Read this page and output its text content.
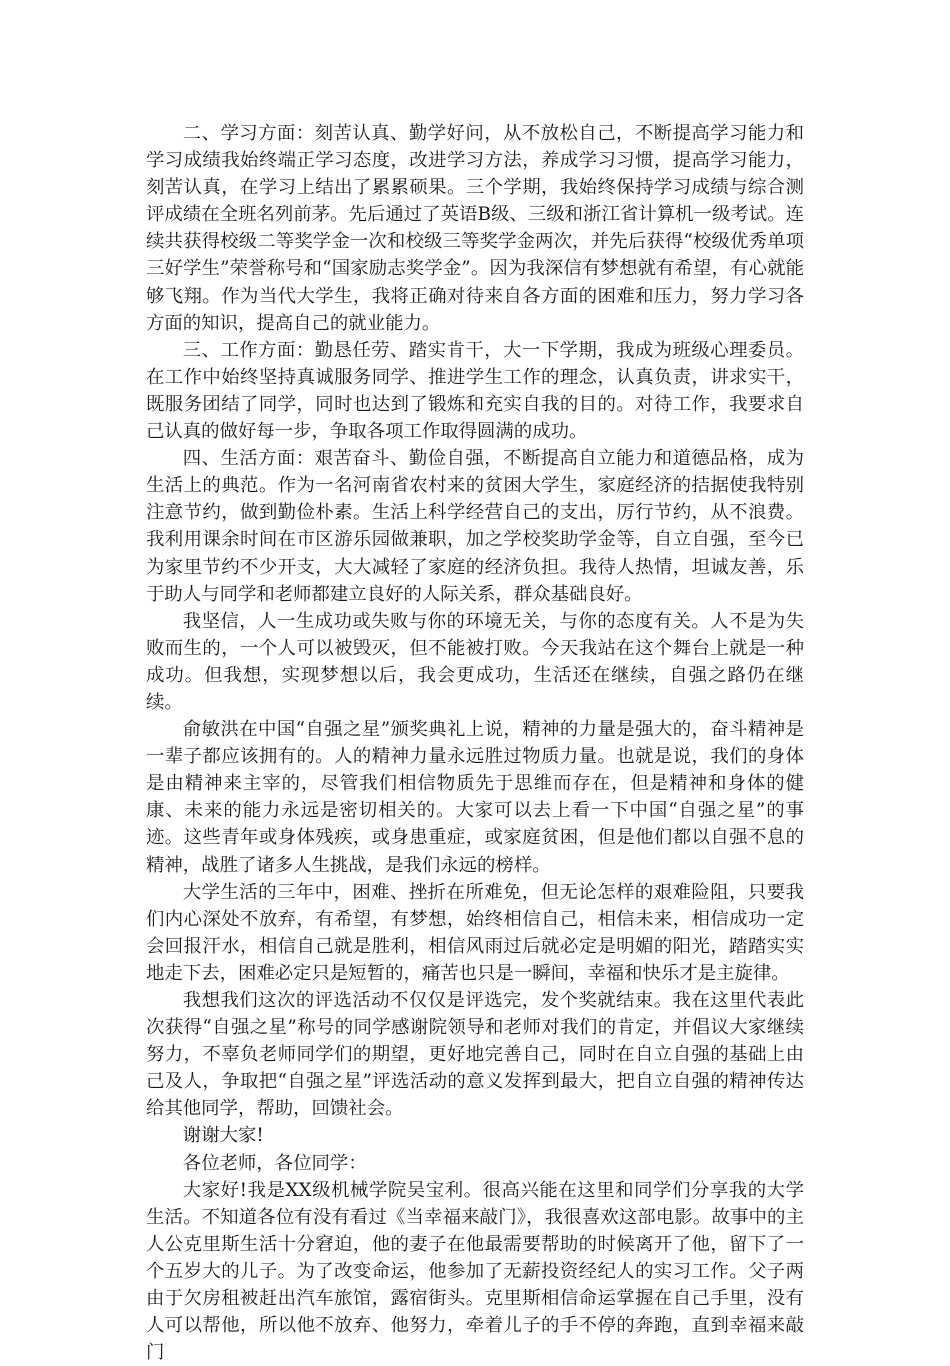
二、学习方面：刻苦认真、勤学好问，从不放松自己，不断提高学习能力和学习成绩我始终端正学习态度，改进学习方法，养成学习习惯，提高学习能力，刻苦认真，在学习上结出了累累硕果。三个学期，我始终保持学习成绩与综合测评成绩在全班名列前茅。先后通过了英语B级、三级和浙江省计算机一级考试。连续共获得校级二等奖学金一次和校级三等奖学金两次，并先后获得“校级优秀单项三好学生”荣誉称号和“国家励志奖学金”。因为我深信有梦想就有希望，有心就能够飞翔。作为当代大学生，我将正确对待来自各方面的困难和压力，努力学习各方面的知识，提高自己的就业能力。

三、工作方面：勤恳任劳、踏实肯干，大一下学期，我成为班级心理委员。在工作中始终坚持真诚服务同学、推进学生工作的理念，认真负责，讲求实干，既服务团结了同学，同时也达到了锻炼和充实自我的目的。对待工作，我要求自己认真的做好每一步，争取各项工作取得圆满的成功。

四、生活方面：艰苦奋斗、勤俭自强，不断提高自立能力和道德品格，成为生活上的典范。作为一名河南省农村来的贫困大学生，家庭经济的拮据使我特别注意节约，做到勤俭朴素。生活上科学经营自己的支出，厉行节约，从不浪费。我利用课余时间在市区游乐园做兼职，加之学校奖助学金等，自立自强，至今已为家里节约不少开支，大大减轻了家庭的经济负担。我待人热情，坦诚友善，乐于助人与同学和老师都建立良好的人际关系，群众基础良好。

我坚信，人一生成功或失败与你的环境无关，与你的态度有关。人不是为失败而生的，一个人可以被毁灭，但不能被打败。今天我站在这个舞台上就是一种成功。但我想，实现梦想以后，我会更成功，生活还在继续，自强之路仍在继续。

俞敏洪在中国“自强之星”颁奖典礼上说，精神的力量是强大的，奋斗精神是一辈子都应该拥有的。人的精神力量永远胜过物质力量。也就是说，我们的身体是由精神来主宰的，尽管我们相信物质先于思维而存在，但是精神和身体的健康、未来的能力永远是密切相关的。大家可以去上看一下中国“自强之星”的事迹。这些青年或身体残疾，或身患重症，或家庭贫困，但是他们都以自强不息的精神，战胜了诸多人生挑战，是我们永远的榜样。

大学生活的三年中，困难、挫折在所难免，但无论怎样的艰难险阻，只要我们内心深处不放弃，有希望，有梦想，始终相信自己，相信未来，相信成功一定会回报汗水，相信自己就是胜利，相信风雨过后就必定是明媚的阳光，踏踏实实地走下去，困难必定只是短暂的，痛苦也只是一瞬间，幸福和快乐才是主旋律。

我想我们这次的评选活动不仅仅是评选完，发个奖就结束。我在这里代表此次获得“自强之星”称号的同学感谢院领导和老师对我们的肯定，并倡议大家继续努力，不辜负老师同学们的期望，更好地完善自己，同时在自立自强的基础上由己及人，争取把“自强之星”评选活动的意义发挥到最大，把自立自强的精神传达给其他同学，帮助，回馈社会。

谢谢大家!

各位老师，各位同学：

大家好!我是XX级机械学院吴宝利。很高兴能在这里和同学们分享我的大学生活。不知道各位有没有看过《当幸福来敲门》，我很喜欢这部电影。故事中的主人公克里斯生活十分窘迫，他的妻子在他最需要帮助的时候离开了他，留下了一个五岁大的儿子。为了改变命运，他参加了无薪投资经纪人的实习工作。父子两由于欠房租被赶出汽车旅馆，露宿街头。克里斯相信命运掌握在自己手里，没有人可以帮他，所以他不放弃、他努力，牵着儿子的手不停的奔跑，直到幸福来敲门
